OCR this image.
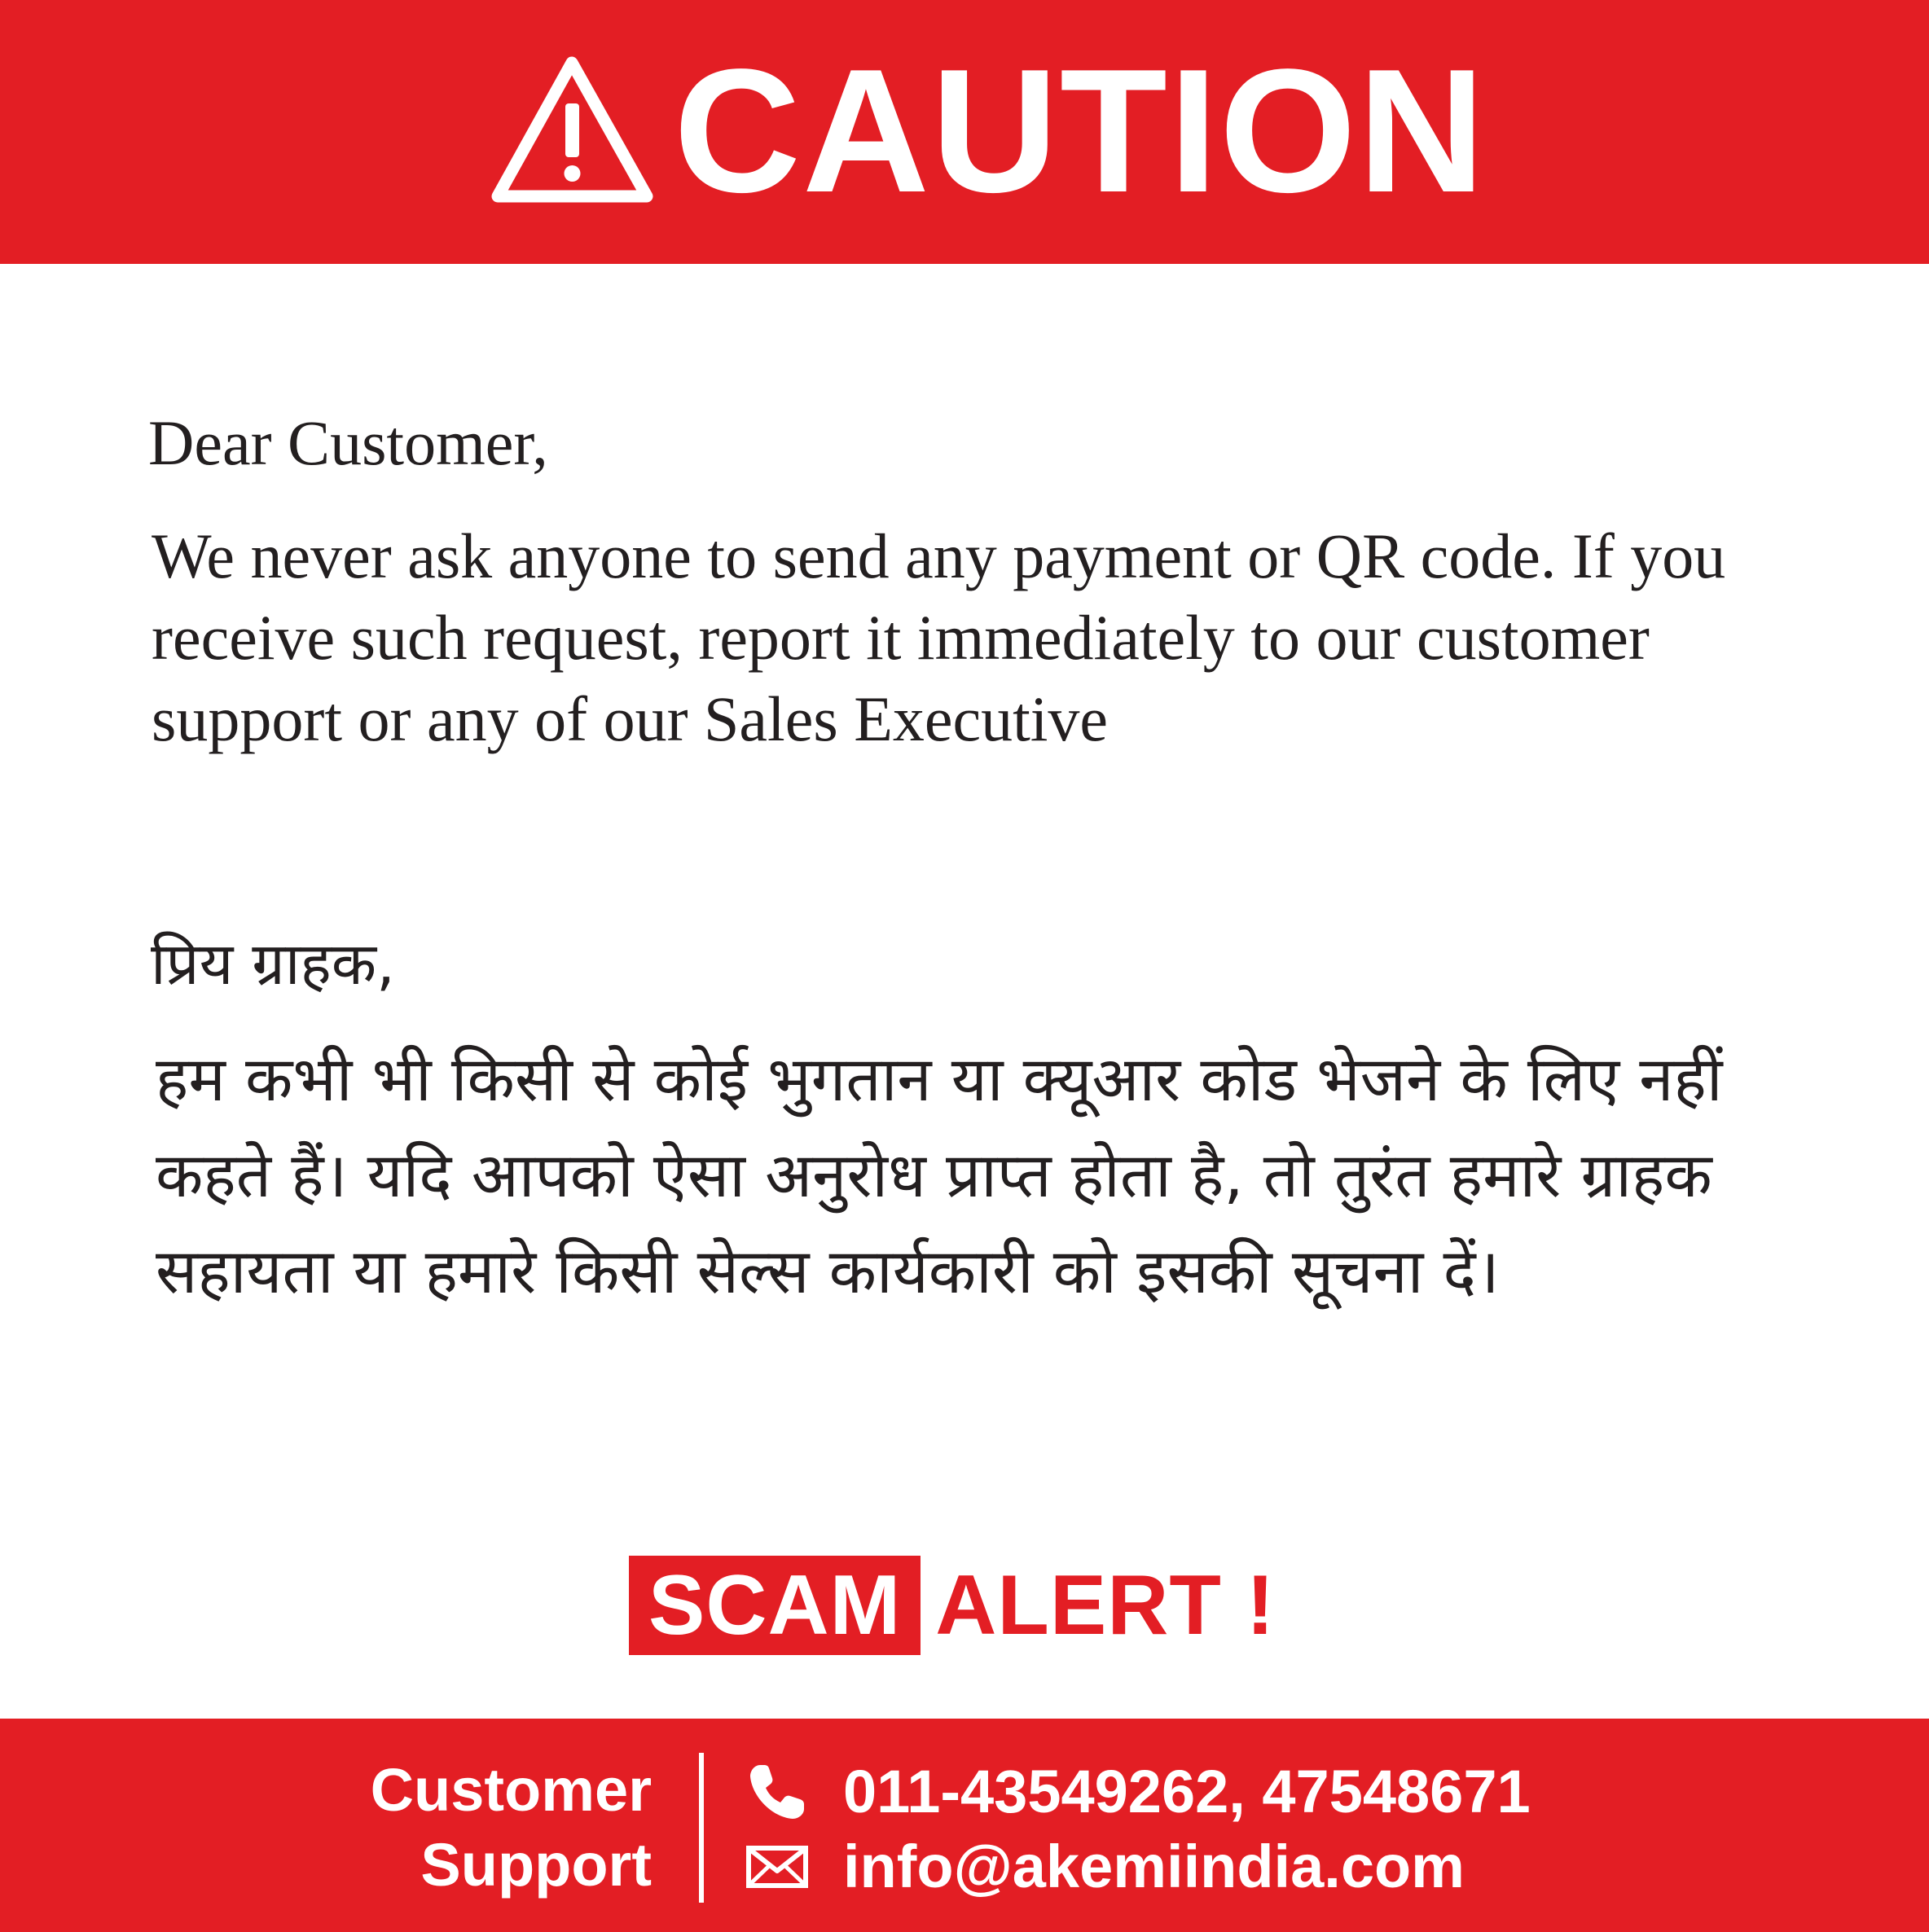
CAUTION

Dear Customer,

We never ask anyone to send any payment or QR code. If you receive such request, report it immediately to our customer support or any of our Sales Executive

प्रिय ग्राहक,

हम कभी भी किसी से कोई भुगतान या क्यूआर कोड भेजने के लिए नहीं कहते हैं। यदि आपको ऐसा अनुरोध प्राप्त होता है, तो तुरंत हमारे ग्राहक सहायता या हमारे किसी सेल्स कार्यकारी को इसकी सूचना दें।

SCAM ALERT !
Customer
Support
011-43549262, 47548671
info@akemiindia.com
